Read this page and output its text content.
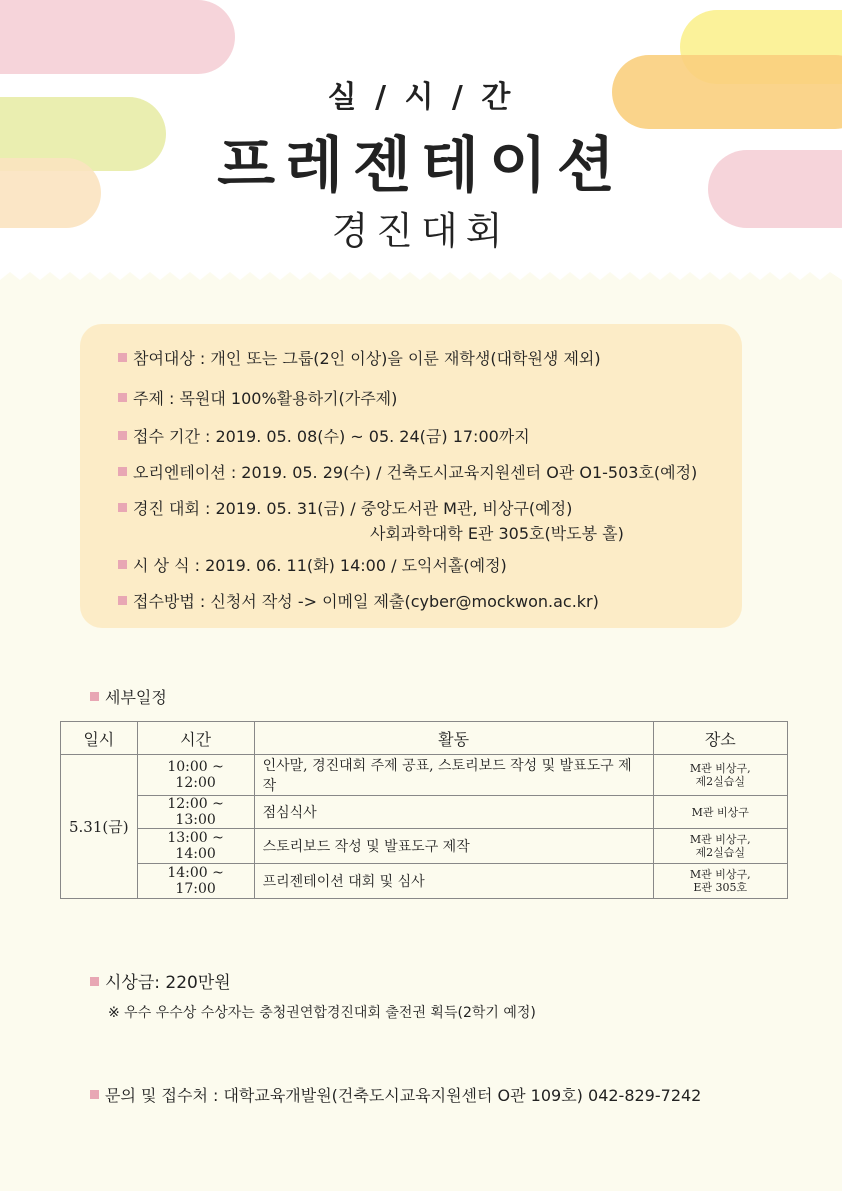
실 / 시 / 간
프레젠테이션
경진대회
참여대상 : 개인 또는 그룹(2인 이상)을 이룬 재학생(대학원생 제외)
주제 : 목원대 100%활용하기(가주제)
접수 기간 : 2019. 05. 08(수) ~ 05. 24(금) 17:00까지
오리엔테이션 : 2019. 05. 29(수) / 건축도시교육지원센터 O관 O1-503호(예정)
경진 대회 : 2019. 05. 31(금) / 중앙도서관 M관, 비상구(예정)
사회과학대학 E관 305호(박도봉 홀)
시 상 식 : 2019. 06. 11(화) 14:00 / 도익서홀(예정)
접수방법 : 신청서 작성 -> 이메일 제출(cyber@mockwon.ac.kr)
세부일정
일시	시간	활동	장소
5.31(금)	10:00 ~ 12:00	인사말, 경진대회 주제 공표, 스토리보드 작성 및 발표도구 제작	M관 비상구,
제2실습실
	12:00 ~ 13:00	점심식사	M관 비상구
	13:00 ~ 14:00	스토리보드 작성 및 발표도구 제작	M관 비상구,
제2실습실
	14:00 ~ 17:00	프리젠테이션 대회 및 심사	M관 비상구,
E관 305호
시상금: 220만원
※ 우수 우수상 수상자는 충청권연합경진대회 출전권 획득(2학기 예정)
문의 및 접수처 : 대학교육개발원(건축도시교육지원센터 O관 109호) 042-829-7242
